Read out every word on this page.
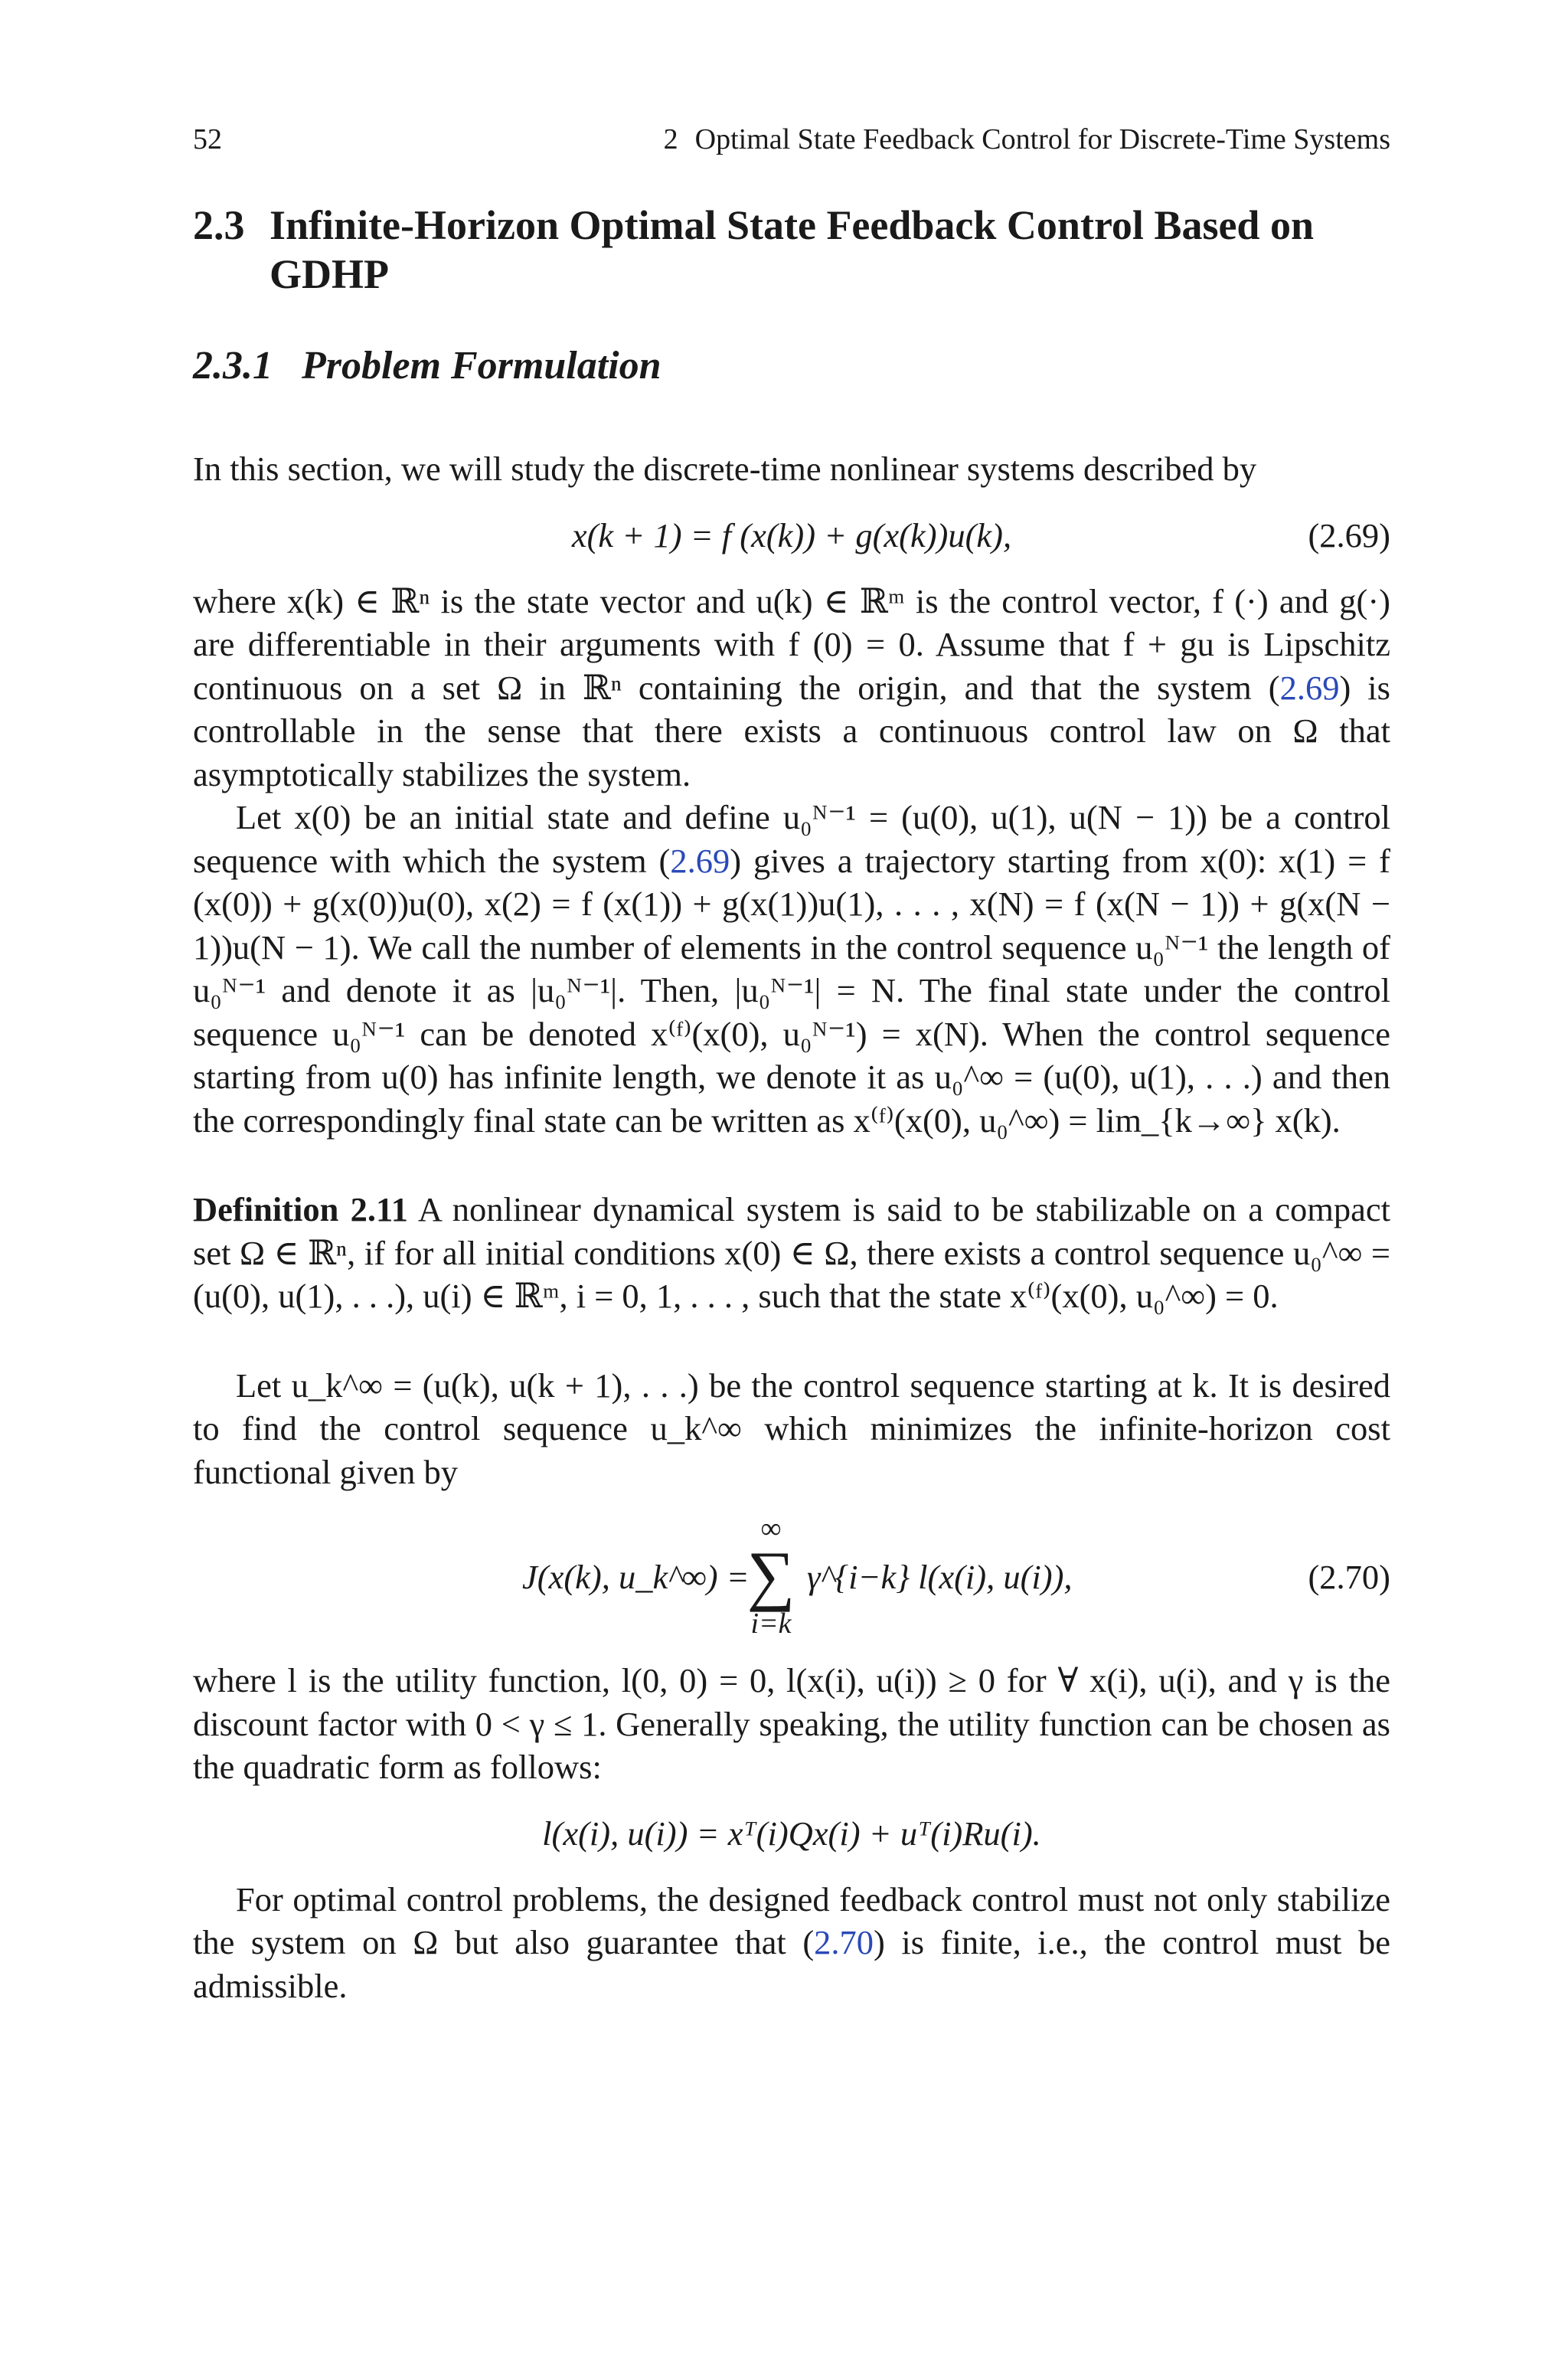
52	2 Optimal State Feedback Control for Discrete-Time Systems
2.3 Infinite-Horizon Optimal State Feedback Control Based on GDHP
2.3.1 Problem Formulation

In this section, we will study the discrete-time nonlinear systems described by

x(k + 1) = f (x(k)) + g(x(k))u(k),	(2.69)

where x(k) ∈ ℝⁿ is the state vector and u(k) ∈ ℝᵐ is the control vector, f (·) and g(·) are differentiable in their arguments with f (0) = 0. Assume that f + gu is Lipschitz continuous on a set Ω in ℝⁿ containing the origin, and that the system (2.69) is controllable in the sense that there exists a continuous control law on Ω that asymptotically stabilizes the system.

Let x(0) be an initial state and define u₀ᴺ⁻¹ = (u(0), u(1), u(N − 1)) be a control sequence with which the system (2.69) gives a trajectory starting from x(0): x(1) = f (x(0)) + g(x(0))u(0), x(2) = f (x(1)) + g(x(1))u(1), . . . , x(N) = f (x(N − 1)) + g(x(N − 1))u(N − 1). We call the number of elements in the control sequence u₀ᴺ⁻¹ the length of u₀ᴺ⁻¹ and denote it as |u₀ᴺ⁻¹|. Then, |u₀ᴺ⁻¹| = N. The final state under the control sequence u₀ᴺ⁻¹ can be denoted x⁽ᶠ⁾(x(0), u₀ᴺ⁻¹) = x(N). When the control sequence starting from u(0) has infinite length, we denote it as u₀^∞ = (u(0), u(1), . . .) and then the correspondingly final state can be written as x⁽ᶠ⁾(x(0), u₀^∞) = lim_{k→∞} x(k).

Definition 2.11 A nonlinear dynamical system is said to be stabilizable on a compact set Ω ∈ ℝⁿ, if for all initial conditions x(0) ∈ Ω, there exists a control sequence u₀^∞ = (u(0), u(1), . . .), u(i) ∈ ℝᵐ, i = 0, 1, . . . , such that the state x⁽ᶠ⁾(x(0), u₀^∞) = 0.

Let u_k^∞ = (u(k), u(k + 1), . . .) be the control sequence starting at k. It is desired to find the control sequence u_k^∞ which minimizes the infinite-horizon cost functional given by

J(x(k), u_k^∞) =
∞
∑
i=k
γ^{i−k} l(x(i), u(i)),	(2.70)

where l is the utility function, l(0, 0) = 0, l(x(i), u(i)) ≥ 0 for ∀ x(i), u(i), and γ is the discount factor with 0 < γ ≤ 1. Generally speaking, the utility function can be chosen as the quadratic form as follows:

l(x(i), u(i)) = xᵀ(i)Qx(i) + uᵀ(i)Ru(i).

For optimal control problems, the designed feedback control must not only stabilize the system on Ω but also guarantee that (2.70) is finite, i.e., the control must be admissible.
